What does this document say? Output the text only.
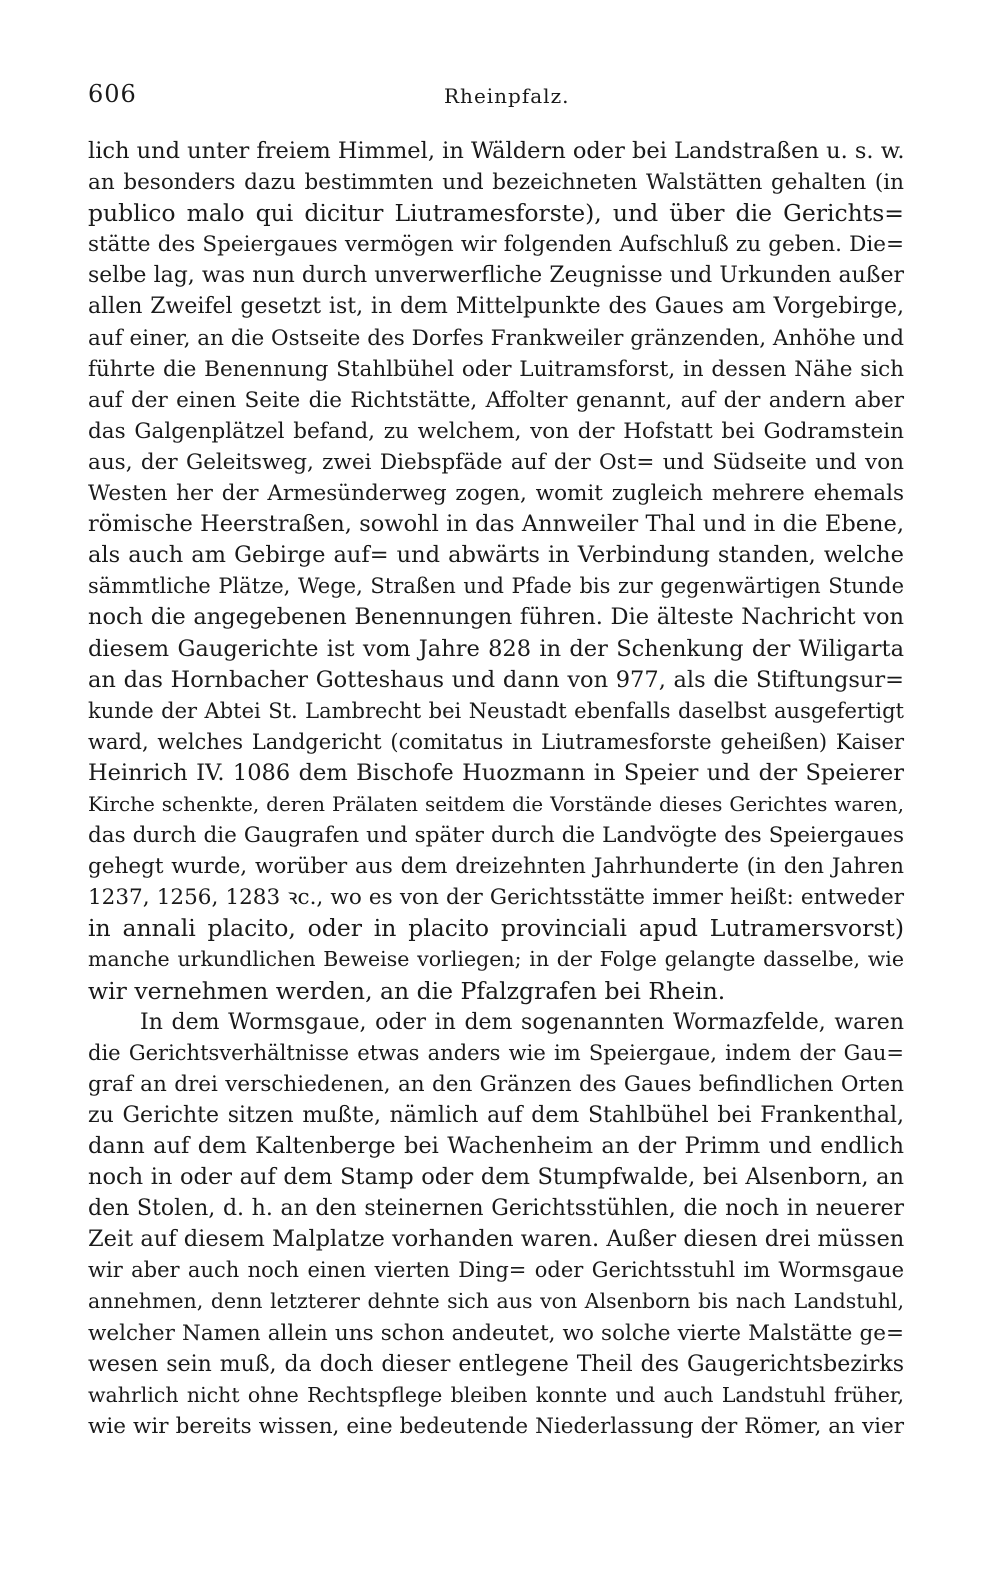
606	Rheinpfalz.
lich und unter freiem Himmel, in Wäldern oder bei Landstraßen u. s. w.
an besonders dazu bestimmten und bezeichneten Walstätten gehalten (in
publico malo qui dicitur Liutramesforste), und über die Gerichts=
stätte des Speiergaues vermögen wir folgenden Aufschluß zu geben. Die=
selbe lag, was nun durch unverwerfliche Zeugnisse und Urkunden außer
allen Zweifel gesetzt ist, in dem Mittelpunkte des Gaues am Vorgebirge,
auf einer, an die Ostseite des Dorfes Frankweiler gränzenden, Anhöhe und
führte die Benennung Stahlbühel oder Luitramsforst, in dessen Nähe sich
auf der einen Seite die Richtstätte, Affolter genannt, auf der andern aber
das Galgenplätzel befand, zu welchem, von der Hofstatt bei Godramstein
aus, der Geleitsweg, zwei Diebspfäde auf der Ost= und Südseite und von
Westen her der Armesünderweg zogen, womit zugleich mehrere ehemals
römische Heerstraßen, sowohl in das Annweiler Thal und in die Ebene,
als auch am Gebirge auf= und abwärts in Verbindung standen, welche
sämmtliche Plätze, Wege, Straßen und Pfade bis zur gegenwärtigen Stunde
noch die angegebenen Benennungen führen. Die älteste Nachricht von
diesem Gaugerichte ist vom Jahre 828 in der Schenkung der Wiligarta
an das Hornbacher Gotteshaus und dann von 977, als die Stiftungsur=
kunde der Abtei St. Lambrecht bei Neustadt ebenfalls daselbst ausgefertigt
ward, welches Landgericht (comitatus in Liutramesforste geheißen) Kaiser
Heinrich IV. 1086 dem Bischofe Huozmann in Speier und der Speierer
Kirche schenkte, deren Prälaten seitdem die Vorstände dieses Gerichtes waren,
das durch die Gaugrafen und später durch die Landvögte des Speiergaues
gehegt wurde, worüber aus dem dreizehnten Jahrhunderte (in den Jahren
1237, 1256, 1283 ꝛc., wo es von der Gerichtsstätte immer heißt: entweder
in annali placito, oder in placito provinciali apud Lutramersvorst)
manche urkundlichen Beweise vorliegen; in der Folge gelangte dasselbe, wie
wir vernehmen werden, an die Pfalzgrafen bei Rhein.
In dem Wormsgaue, oder in dem sogenannten Wormazfelde, waren
die Gerichtsverhältnisse etwas anders wie im Speiergaue, indem der Gau=
graf an drei verschiedenen, an den Gränzen des Gaues befindlichen Orten
zu Gerichte sitzen mußte, nämlich auf dem Stahlbühel bei Frankenthal,
dann auf dem Kaltenberge bei Wachenheim an der Primm und endlich
noch in oder auf dem Stamp oder dem Stumpfwalde, bei Alsenborn, an
den Stolen, d. h. an den steinernen Gerichtsstühlen, die noch in neuerer
Zeit auf diesem Malplatze vorhanden waren. Außer diesen drei müssen
wir aber auch noch einen vierten Ding= oder Gerichtsstuhl im Wormsgaue
annehmen, denn letzterer dehnte sich aus von Alsenborn bis nach Landstuhl,
welcher Namen allein uns schon andeutet, wo solche vierte Malstätte ge=
wesen sein muß, da doch dieser entlegene Theil des Gaugerichtsbezirks
wahrlich nicht ohne Rechtspflege bleiben konnte und auch Landstuhl früher,
wie wir bereits wissen, eine bedeutende Niederlassung der Römer, an vier
